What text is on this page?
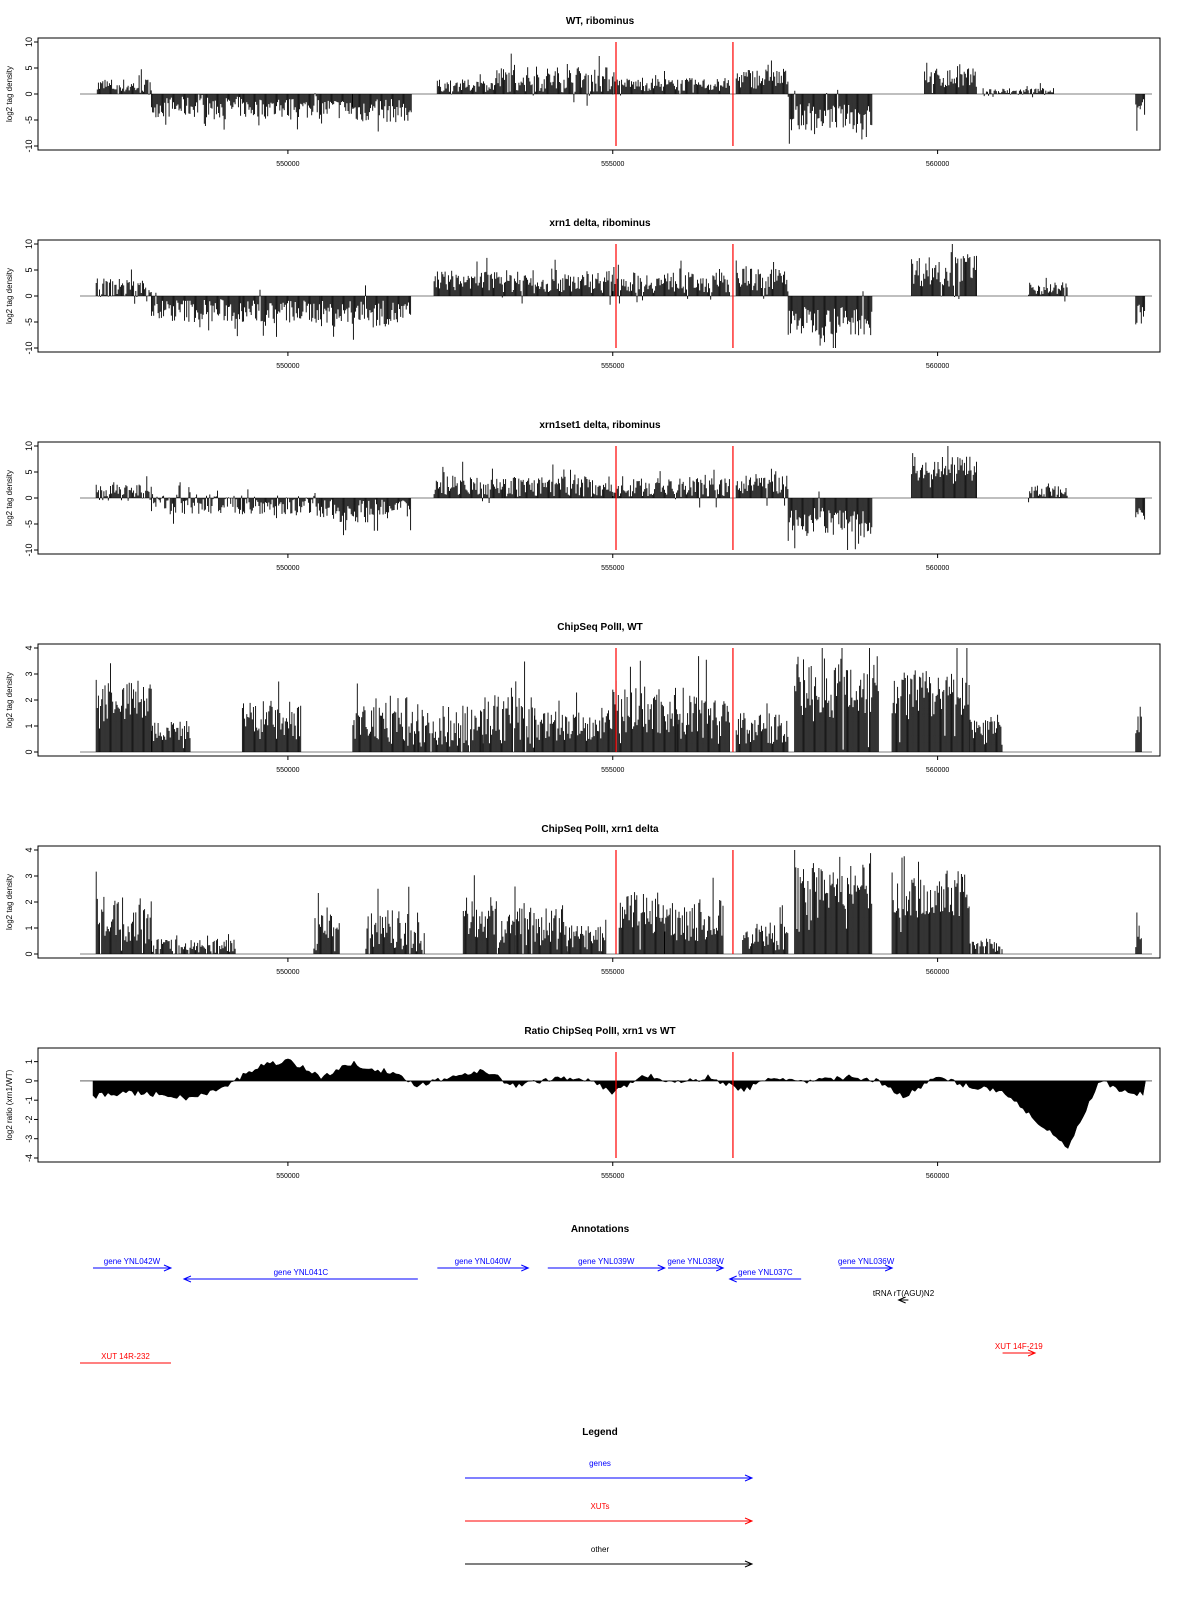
WT, ribominus
10
5
0
-5
-10
log2 tag density
550000	555000	560000
xrn1 delta, ribominus
10
5
0
-5
-10
log2 tag density
550000	555000	560000
xrn1set1 delta, ribominus
10
5
0
-5
-10
log2 tag density
550000	555000	560000
ChipSeq PolII, WT
4
3
2
1
0
log2 tag density
550000	555000	560000
ChipSeq PolII, xrn1 delta
4
3
2
1
0
log2 tag density
550000	555000	560000
Ratio ChipSeq PolII, xrn1 vs WT
1
0
-1
-2
-3
-4
log2 ratio (xrn1/WT)
550000	555000	560000
Annotations
gene YNL042W
gene YNL041C
gene YNL040W	gene YNL039W	gene YNL038W
gene YNL037C
gene YNL036W
tRNA rT(AGU)N2
XUT 14F-219
XUT 14R-232
Legend
genes
XUTs
other
